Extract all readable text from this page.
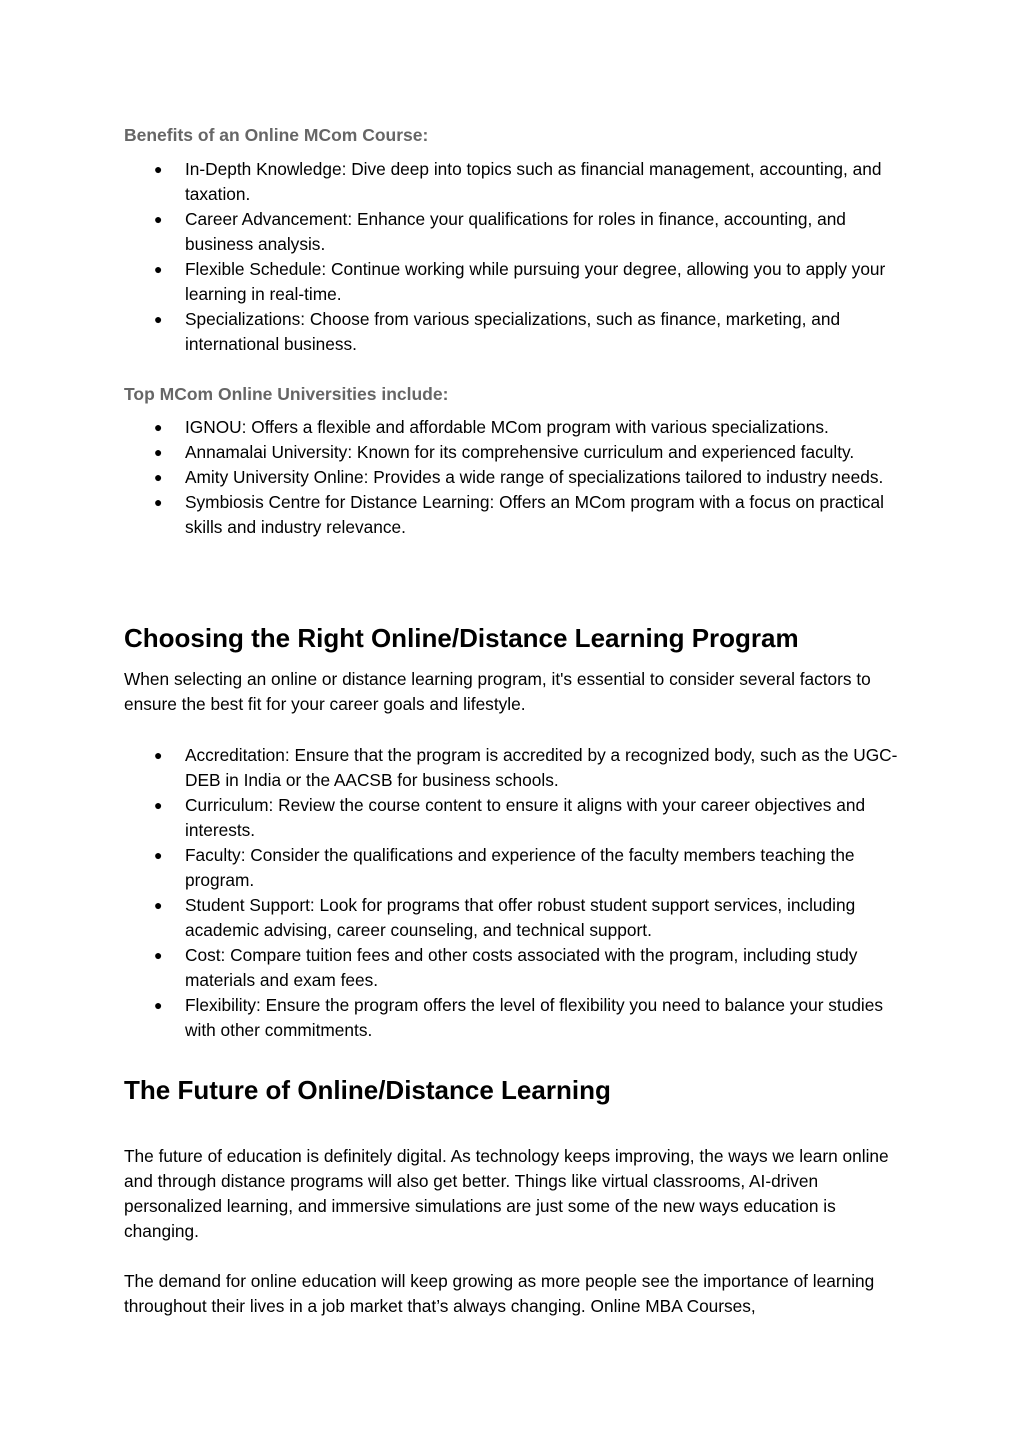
Benefits of an Online MCom Course:
● In-Depth Knowledge: Dive deep into topics such as financial management, accounting, and taxation.
● Career Advancement: Enhance your qualifications for roles in finance, accounting, and business analysis.
● Flexible Schedule: Continue working while pursuing your degree, allowing you to apply your learning in real-time.
● Specializations: Choose from various specializations, such as finance, marketing, and international business.
Top MCom Online Universities include:
● IGNOU: Offers a flexible and affordable MCom program with various specializations.
● Annamalai University: Known for its comprehensive curriculum and experienced faculty.
● Amity University Online: Provides a wide range of specializations tailored to industry needs.
● Symbiosis Centre for Distance Learning: Offers an MCom program with a focus on practical skills and industry relevance.
Choosing the Right Online/Distance Learning Program

When selecting an online or distance learning program, it's essential to consider several factors to ensure the best fit for your career goals and lifestyle.

● Accreditation: Ensure that the program is accredited by a recognized body, such as the UGC-DEB in India or the AACSB for business schools.
● Curriculum: Review the course content to ensure it aligns with your career objectives and interests.
● Faculty: Consider the qualifications and experience of the faculty members teaching the program.
● Student Support: Look for programs that offer robust student support services, including academic advising, career counseling, and technical support.
● Cost: Compare tuition fees and other costs associated with the program, including study materials and exam fees.
● Flexibility: Ensure the program offers the level of flexibility you need to balance your studies with other commitments.
The Future of Online/Distance Learning

The future of education is definitely digital. As technology keeps improving, the ways we learn online and through distance programs will also get better. Things like virtual classrooms, AI-driven personalized learning, and immersive simulations are just some of the new ways education is changing.

The demand for online education will keep growing as more people see the importance of learning throughout their lives in a job market that’s always changing. Online MBA Courses,
